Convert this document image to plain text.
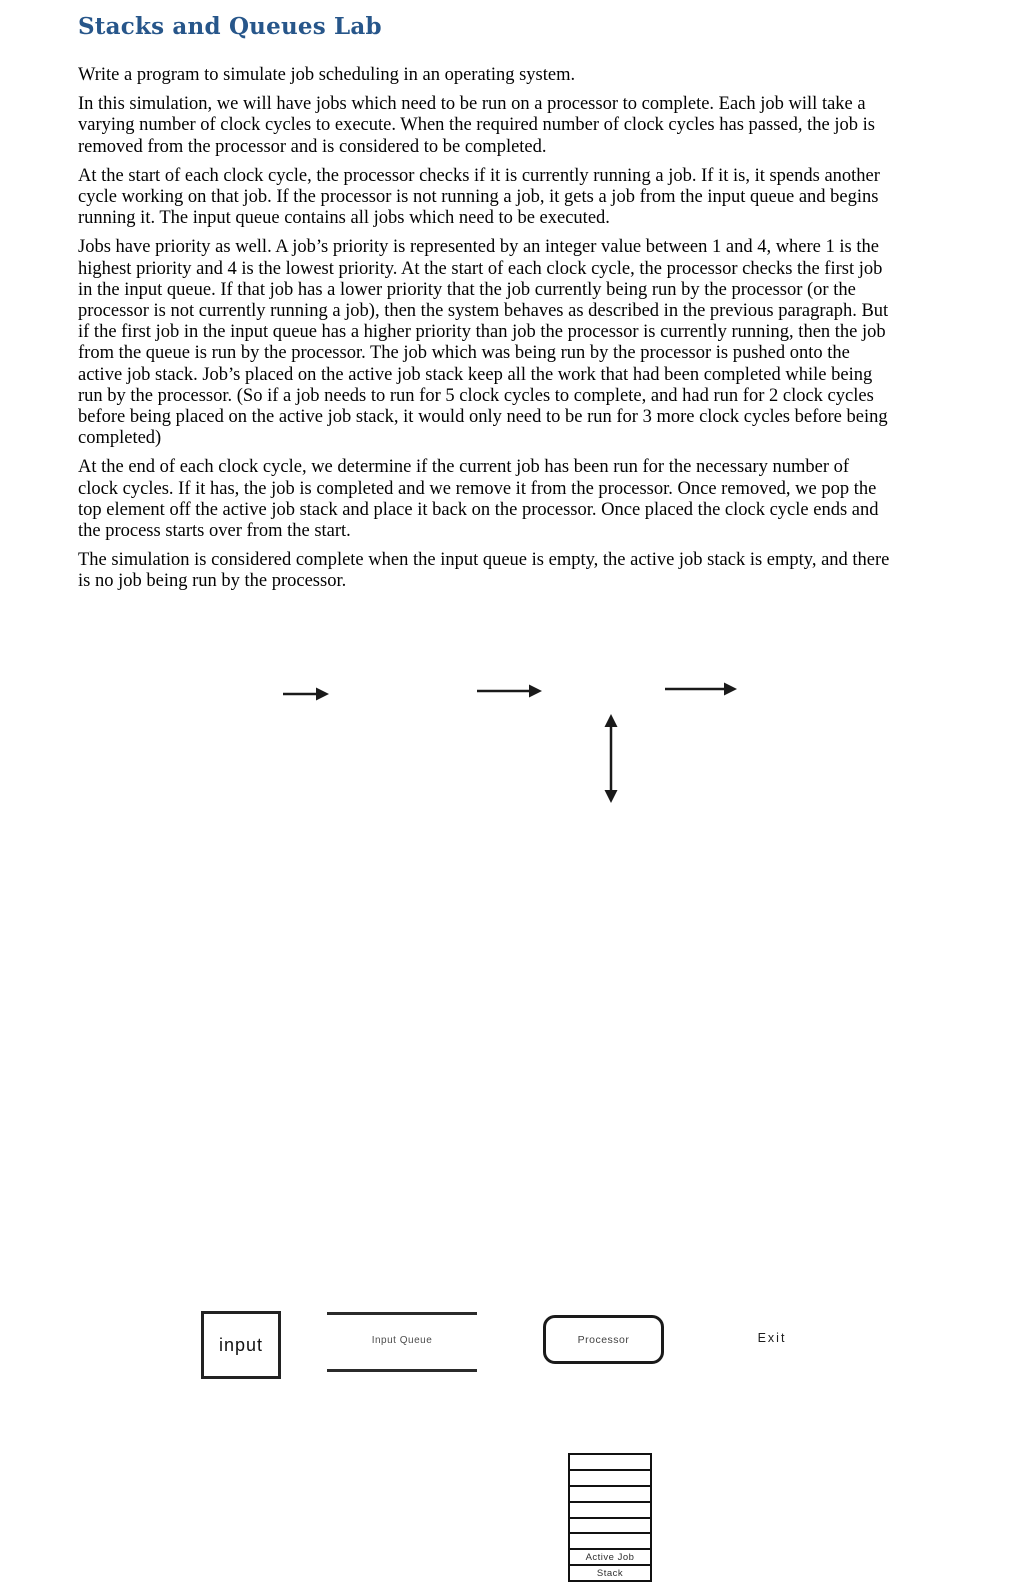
Stacks and Queues Lab

Write a program to simulate job scheduling in an operating system.

In this simulation, we will have jobs which need to be run on a processor to complete. Each job will take a varying number of clock cycles to execute. When the required number of clock cycles has passed, the job is removed from the processor and is considered to be completed.

At the start of each clock cycle, the processor checks if it is currently running a job. If it is, it spends another cycle working on that job. If the processor is not running a job, it gets a job from the input queue and begins running it. The input queue contains all jobs which need to be executed.

Jobs have priority as well. A job’s priority is represented by an integer value between 1 and 4, where 1 is the highest priority and 4 is the lowest priority. At the start of each clock cycle, the processor checks the first job in the input queue. If that job has a lower priority that the job currently being run by the processor (or the processor is not currently running a job), then the system behaves as described in the previous paragraph. But if the first job in the input queue has a higher priority than job the processor is currently running, then the job from the queue is run by the processor. The job which was being run by the processor is pushed onto the active job stack. Job’s placed on the active job stack keep all the work that had been completed while being run by the processor. (So if a job needs to run for 5 clock cycles to complete, and had run for 2 clock cycles before being placed on the active job stack, it would only need to be run for 3 more clock cycles before being completed)

At the end of each clock cycle, we determine if the current job has been run for the necessary number of clock cycles. If it has, the job is completed and we remove it from the processor. Once removed, we pop the top element off the active job stack and place it back on the processor. Once placed the clock cycle ends and the process starts over from the start.

The simulation is considered complete when the input queue is empty, the active job stack is empty, and there is no job being run by the processor.

input	Input Queue	Processor	Exit
Active Job
Stack
